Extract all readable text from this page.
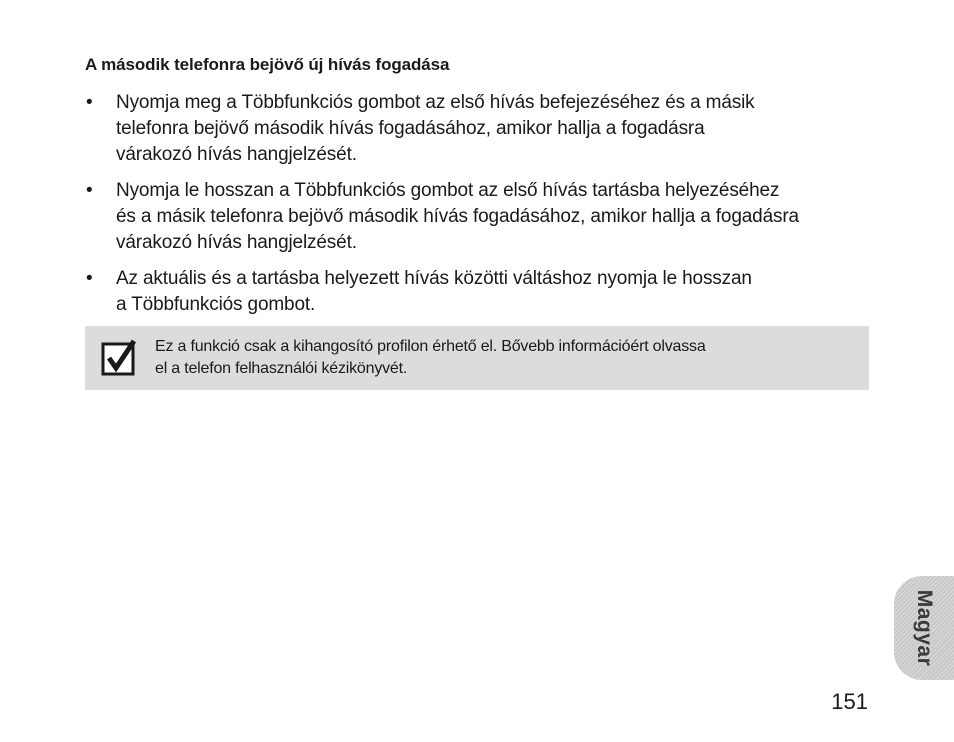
A második telefonra bejövő új hívás fogadása
• Nyomja meg a Többfunkciós gombot az első hívás befejezéséhez és a másik
telefonra bejövő második hívás fogadásához, amikor hallja a fogadásra
várakozó hívás hangjelzését.
• Nyomja le hosszan a Többfunkciós gombot az első hívás tartásba helyezéséhez
és a másik telefonra bejövő második hívás fogadásához, amikor hallja a fogadásra
várakozó hívás hangjelzését.
• Az aktuális és a tartásba helyezett hívás közötti váltáshoz nyomja le hosszan
a Többfunkciós gombot.
Ez a funkció csak a kihangosító profilon érhető el. Bővebb információért olvassa
el a telefon felhasználói kézikönyvét.
Magyar
151
